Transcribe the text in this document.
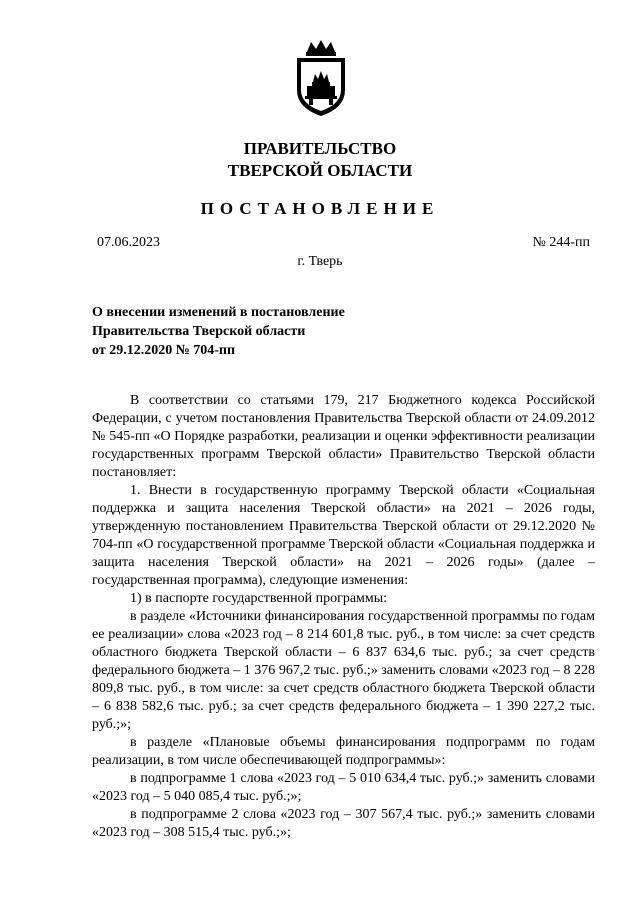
ПРАВИТЕЛЬСТВО
ТВЕРСКОЙ ОБЛАСТИ
ПОСТАНОВЛЕНИЕ
07.06.2023	№ 244-пп
г. Тверь
О внесении изменений в постановление
Правительства Тверской области
от 29.12.2020 № 704-пп

В соответствии со статьями 179, 217 Бюджетного кодекса Российской Федерации, с учетом постановления Правительства Тверской области от 24.09.2012 № 545-пп «О Порядке разработки, реализации и оценки эффективности реализации государственных программ Тверской области» Правительство Тверской области постановляет:

1. Внести в государственную программу Тверской области «Социальная поддержка и защита населения Тверской области» на 2021 – 2026 годы, утвержденную постановлением Правительства Тверской области от 29.12.2020 № 704-пп «О государственной программе Тверской области «Социальная поддержка и защита населения Тверской области» на 2021 – 2026 годы» (далее – государственная программа), следующие изменения:

1) в паспорте государственной программы:

в разделе «Источники финансирования государственной программы по годам ее реализации» слова «2023 год – 8 214 601,8 тыс. руб., в том числе: за счет средств областного бюджета Тверской области – 6 837 634,6 тыс. руб.; за счет средств федерального бюджета – 1 376 967,2 тыс. руб.;» заменить словами «2023 год – 8 228 809,8 тыс. руб., в том числе: за счет средств областного бюджета Тверской области – 6 838 582,6 тыс. руб.; за счет средств федерального бюджета – 1 390 227,2 тыс. руб.;»;

в разделе «Плановые объемы финансирования подпрограмм по годам реализации, в том числе обеспечивающей подпрограммы»:

в подпрограмме 1 слова «2023 год – 5 010 634,4 тыс. руб.;» заменить словами «2023 год – 5 040 085,4 тыс. руб.;»;

в подпрограмме 2 слова «2023 год – 307 567,4 тыс. руб.;» заменить словами «2023 год – 308 515,4 тыс. руб.;»;
